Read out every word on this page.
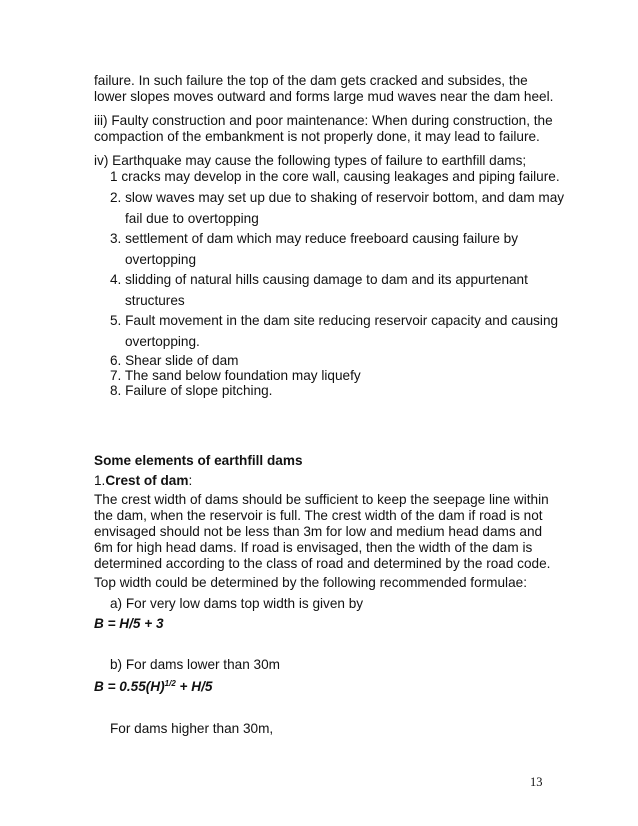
failure. In such failure the top of the dam gets cracked and subsides, the lower slopes moves outward and forms large mud waves near the dam heel.
iii) Faulty construction and poor maintenance: When during construction, the compaction of the embankment is not properly done, it may lead to failure.
iv) Earthquake may cause the following types of failure to earthfill dams;
1 cracks may develop in the core wall, causing leakages and piping failure.
2. slow waves may set up due to shaking of reservoir bottom, and dam may
fail due to overtopping
3. settlement of dam which may reduce freeboard causing failure by
overtopping
4. slidding of natural hills causing damage to dam and its appurtenant
structures
5. Fault movement in the dam site reducing reservoir capacity and causing
overtopping.
6. Shear slide of dam
7. The sand below foundation may liquefy
8. Failure of slope pitching.
Some elements of earthfill dams
1.Crest of dam:
The crest width of dams should be sufficient to keep the seepage line within the dam, when the reservoir is full. The crest width of the dam if road is not envisaged should not be less than 3m for low and medium head dams and 6m for high head dams. If road is envisaged, then the width of the dam is determined according to the class of road and determined by the road code.
Top width could be determined by the following recommended formulae:
a) For very low dams top width is given by
B = H/5 + 3
b) For dams lower than 30m
$B = 0.55(H)^{1/2} + H/5$
For dams higher than 30m,
13
